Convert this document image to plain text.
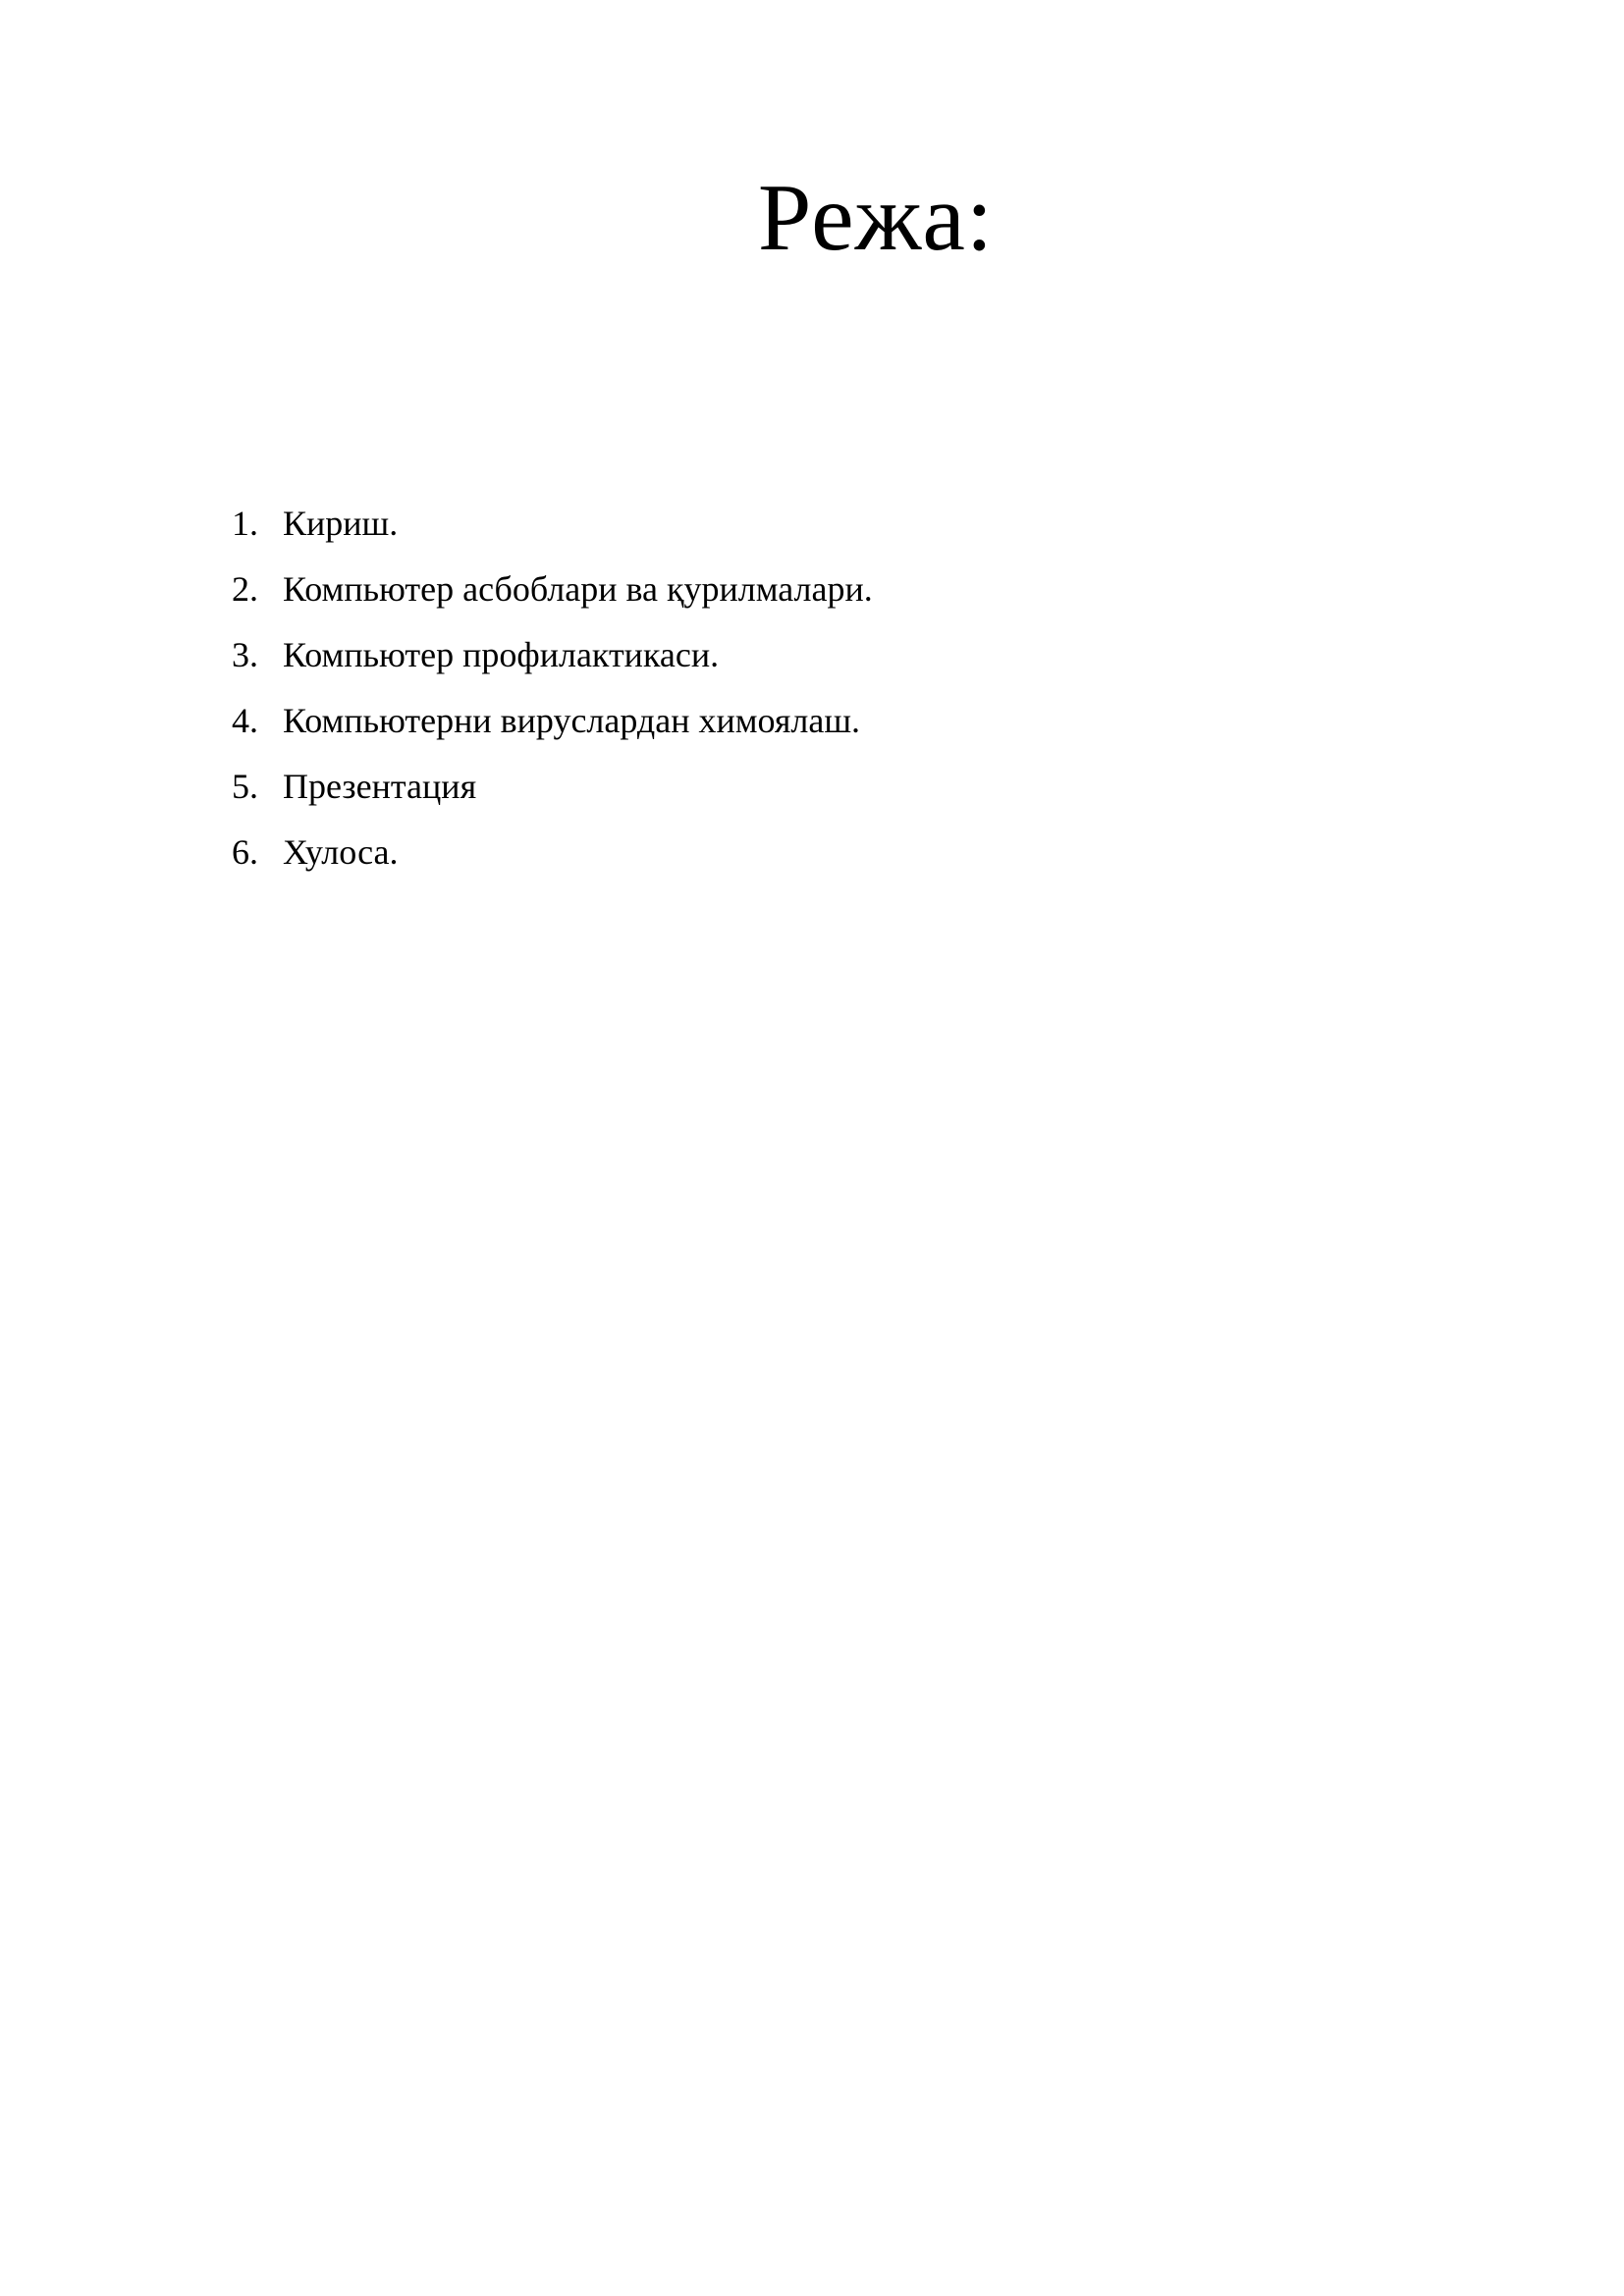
Режа:
1. Кириш.
2. Компьютер асбоблари ва қурилмалари.
3. Компьютер профилактикаси.
4. Компьютерни вируслардан химоялаш.
5. Презентация
6. Хулоса.
